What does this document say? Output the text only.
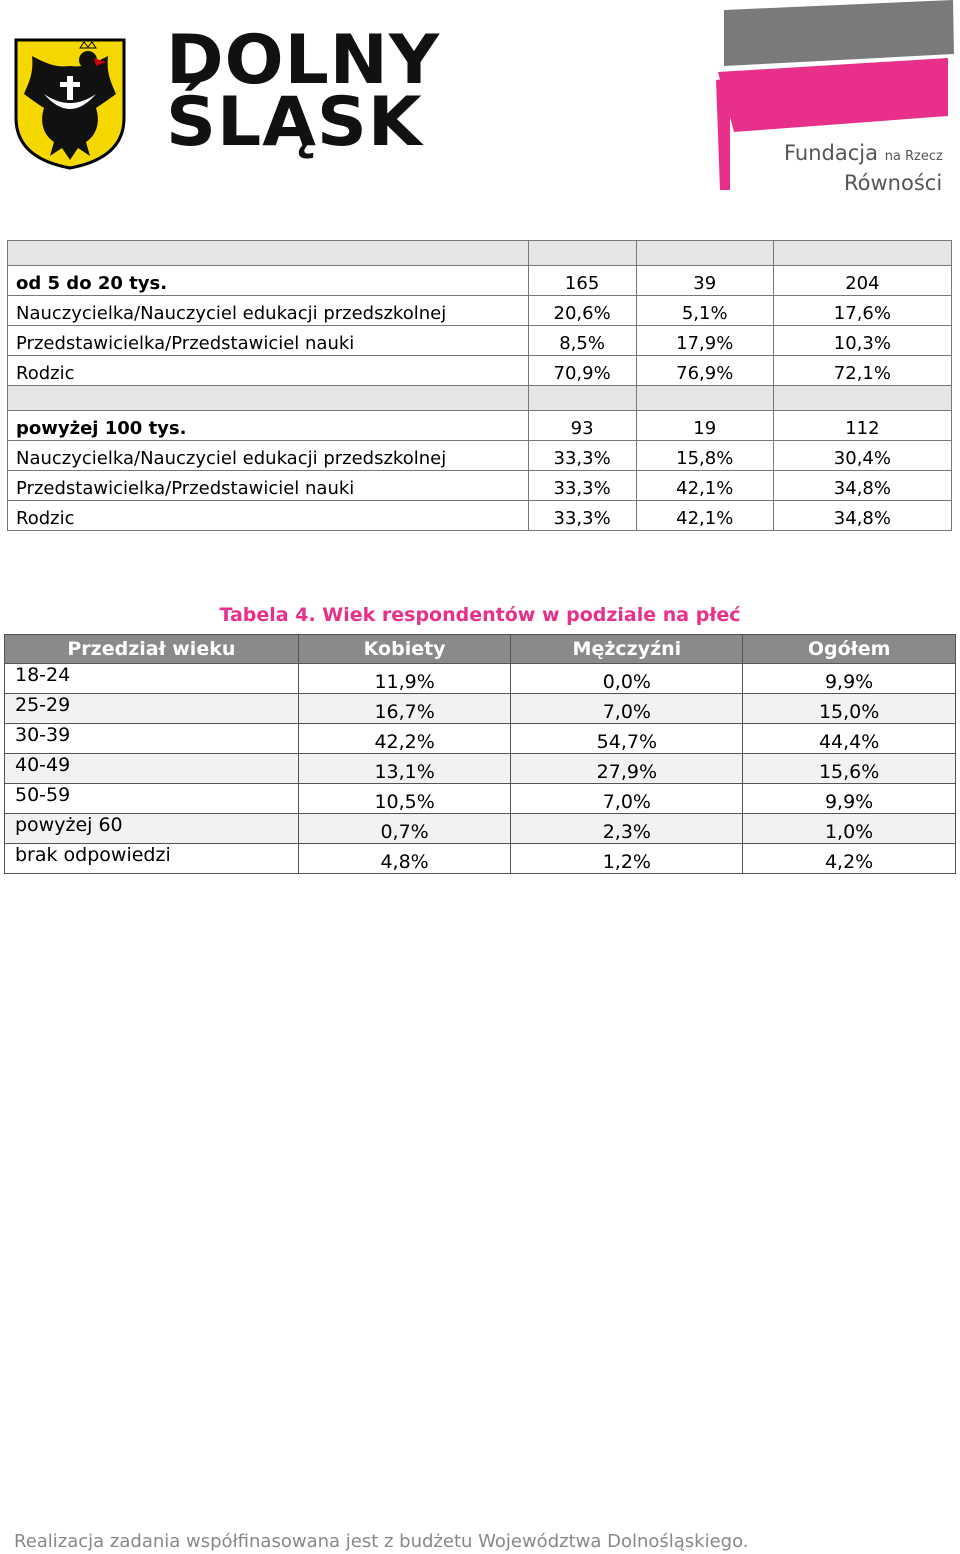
DOLNY
ŚLĄSK	Fundacja na Rzecz
Równości

od 5 do 20 tys.	165	39	204
Nauczycielka/Nauczyciel edukacji przedszkolnej	20,6%	5,1%	17,6%
Przedstawicielka/Przedstawiciel nauki	8,5%	17,9%	10,3%
Rodzic	70,9%	76,9%	72,1%

powyżej 100 tys.	93	19	112
Nauczycielka/Nauczyciel edukacji przedszkolnej	33,3%	15,8%	30,4%
Przedstawicielka/Przedstawiciel nauki	33,3%	42,1%	34,8%
Rodzic	33,3%	42,1%	34,8%
Tabela 4. Wiek respondentów w podziale na płeć
Przedział wieku	Kobiety	Mężczyźni	Ogółem
18-24	11,9%	0,0%	9,9%
25-29	16,7%	7,0%	15,0%
30-39	42,2%	54,7%	44,4%
40-49	13,1%	27,9%	15,6%
50-59	10,5%	7,0%	9,9%
powyżej 60	0,7%	2,3%	1,0%
brak odpowiedzi	4,8%	1,2%	4,2%
Realizacja zadania współfinasowana jest z budżetu Województwa Dolnośląskiego.
